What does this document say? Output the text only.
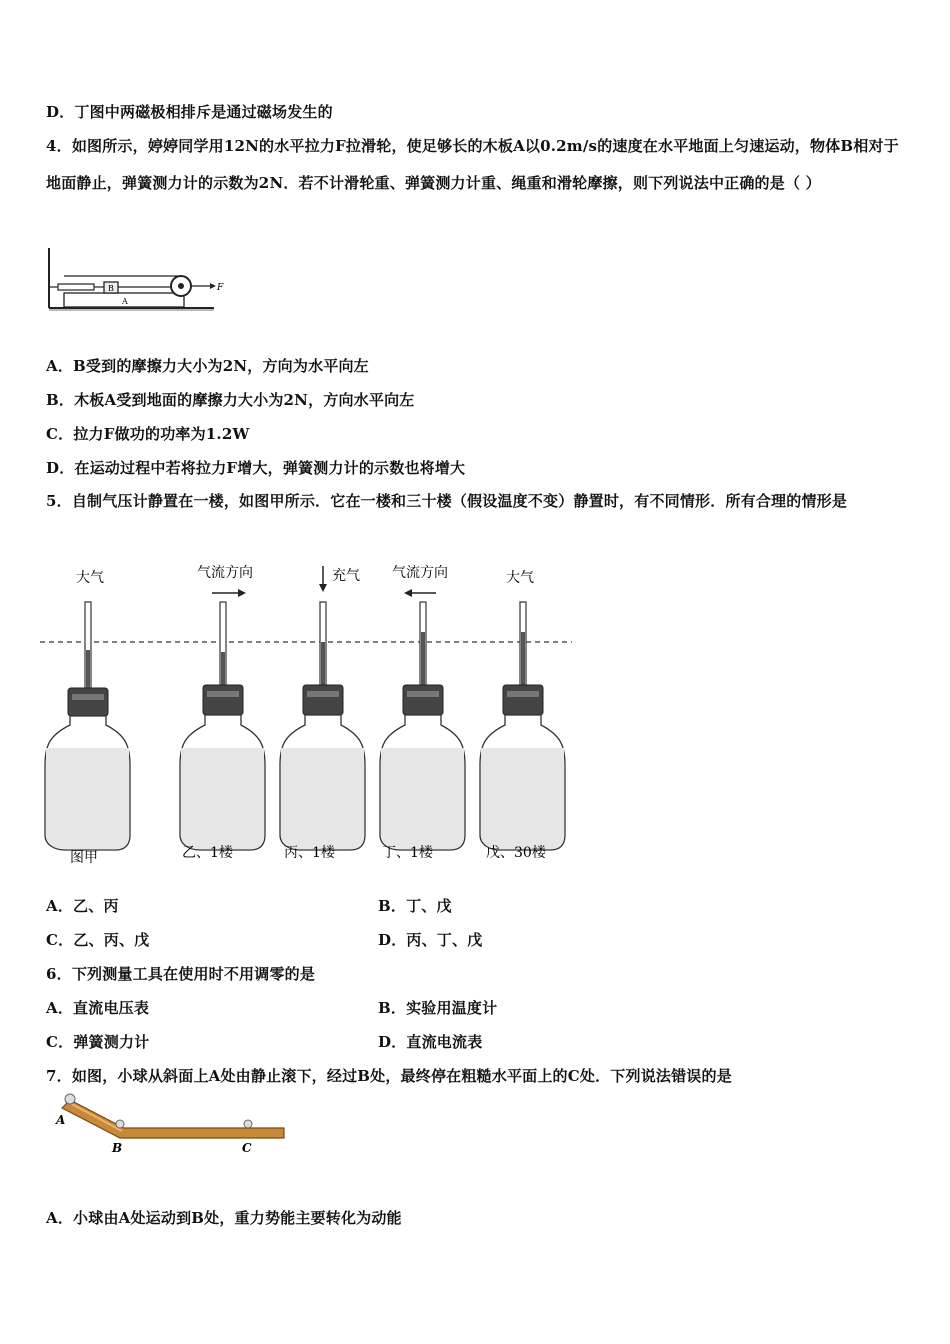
D．丁图中两磁极相排斥是通过磁场发生的
4．如图所示，婷婷同学用12N的水平拉力F拉滑轮，使足够长的木板A以0.2m/s的速度在水平地面上匀速运动，物体B相对于地面静止，弹簧测力计的示数为2N．若不计滑轮重、弹簧测力计重、绳重和滑轮摩擦，则下列说法中正确的是（ ）
B
A
F
A．B受到的摩擦力大小为2N，方向为水平向左
B．木板A受到地面的摩擦力大小为2N，方向水平向左
C．拉力F做功的功率为1.2W
D．在运动过程中若将拉力F增大，弹簧测力计的示数也将增大
5．自制气压计静置在一楼，如图甲所示．它在一楼和三十楼（假设温度不变）静置时，有不同情形．所有合理的情形是
大气	气流方向	充气 气流方向	大气
图甲	乙、1楼	丙、1楼	丁、1楼	戊、30楼
A．乙、丙	B．丁、戊
C．乙、丙、戊	D．丙、丁、戊
6．下列测量工具在使用时不用调零的是
A．直流电压表	B．实验用温度计
C．弹簧测力计	D．直流电流表
7．如图，小球从斜面上A处由静止滚下，经过B处，最终停在粗糙水平面上的C处．下列说法错误的是
A
B	C
A．小球由A处运动到B处，重力势能主要转化为动能
